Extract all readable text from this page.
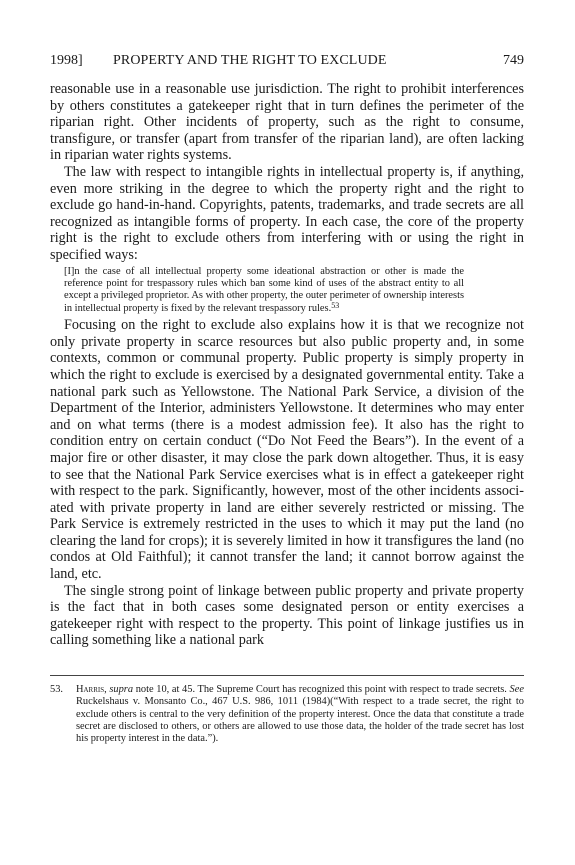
1998] PROPERTY AND THE RIGHT TO EXCLUDE	749

reasonable use in a reasonable use jurisdiction. The right to prohibit interferences by others constitutes a gatekeeper right that in turn defines the perimeter of the riparian right. Other incidents of property, such as the right to consume, transfigure, or transfer (apart from transfer of the riparian land), are often lacking in riparian water rights systems.

The law with respect to intangible rights in intellectual property is, if anything, even more striking in the degree to which the property right and the right to exclude go hand-in-hand. Copyrights, patents, trademarks, and trade secrets are all recognized as intangible forms of property. In each case, the core of the property right is the right to exclude others from interfering with or using the right in specified ways:

[I]n the case of all intellectual property some ideational abstraction or other is made the reference point for trespassory rules which ban some kind of uses of the abstract entity to all except a privileged proprietor. As with other property, the outer perimeter of ownership interests in intellectual property is fixed by the relevant trespassory rules.$^{53}$

Focusing on the right to exclude also explains how it is that we recognize not only private property in scarce resources but also public property and, in some contexts, common or communal property. Public property is simply property in which the right to exclude is exercised by a designated governmental entity. Take a national park such as Yellowstone. The National Park Service, a division of the Department of the Interior, administers Yellowstone. It determines who may enter and on what terms (there is a modest admission fee). It also has the right to condition entry on certain conduct (“Do Not Feed the Bears”). In the event of a major fire or other disaster, it may close the park down altogether. Thus, it is easy to see that the National Park Service exercises what is in effect a gatekeeper right with respect to the park. Significantly, however, most of the other incidents associated with private property in land are either severely restricted or missing. The Park Service is extremely restricted in the uses to which it may put the land (no clearing the land for crops); it is severely limited in how it transfigures the land (no condos at Old Faithful); it cannot transfer the land; it cannot borrow against the land, etc.

The single strong point of linkage between public property and private property is the fact that in both cases some designated person or entity exercises a gatekeeper right with respect to the property. This point of linkage justifies us in calling something like a national park

53.	Harris, supra note 10, at 45. The Supreme Court has recognized this point with respect to trade secrets. See Ruckelshaus v. Monsanto Co., 467 U.S. 986, 1011 (1984)(“With respect to a trade secret, the right to exclude others is central to the very definition of the property interest. Once the data that constitute a trade secret are disclosed to others, or others are allowed to use those data, the holder of the trade secret has lost his property interest in the data.”).
